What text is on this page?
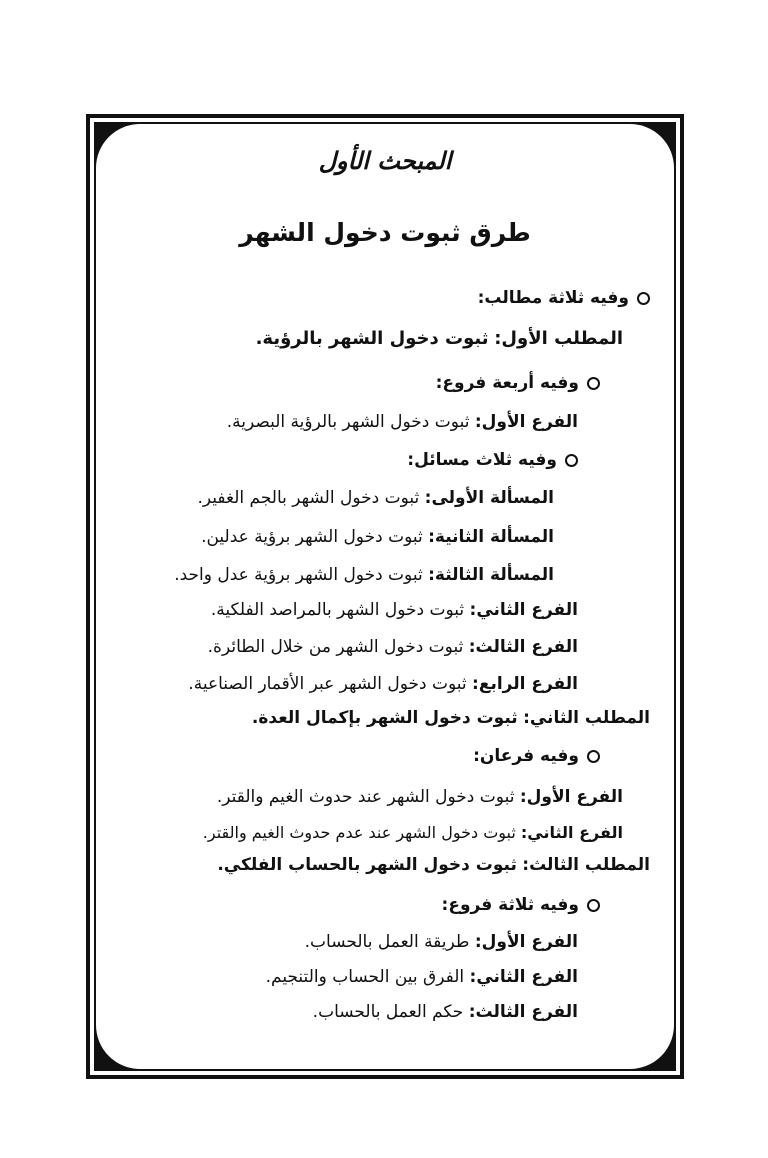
المبحث الأول
طرق ثبوت دخول الشهر
وفيه ثلاثة مطالب:
المطلب الأول: ثبوت دخول الشهر بالرؤية.
وفيه أربعة فروع:
الفرع الأول: ثبوت دخول الشهر بالرؤية البصرية.
وفيه ثلاث مسائل:
المسألة الأولى: ثبوت دخول الشهر بالجم الغفير.
المسألة الثانية: ثبوت دخول الشهر برؤية عدلين.
المسألة الثالثة: ثبوت دخول الشهر برؤية عدل واحد.
الفرع الثاني: ثبوت دخول الشهر بالمراصد الفلكية.
الفرع الثالث: ثبوت دخول الشهر من خلال الطائرة.
الفرع الرابع: ثبوت دخول الشهر عبر الأقمار الصناعية.
المطلب الثاني: ثبوت دخول الشهر بإكمال العدة.
وفيه فرعان:
الفرع الأول: ثبوت دخول الشهر عند حدوث الغيم والقتر.
الفرع الثاني: ثبوت دخول الشهر عند عدم حدوث الغيم والقتر.
المطلب الثالث: ثبوت دخول الشهر بالحساب الفلكي.
وفيه ثلاثة فروع:
الفرع الأول: طريقة العمل بالحساب.
الفرع الثاني: الفرق بين الحساب والتنجيم.
الفرع الثالث: حكم العمل بالحساب.
